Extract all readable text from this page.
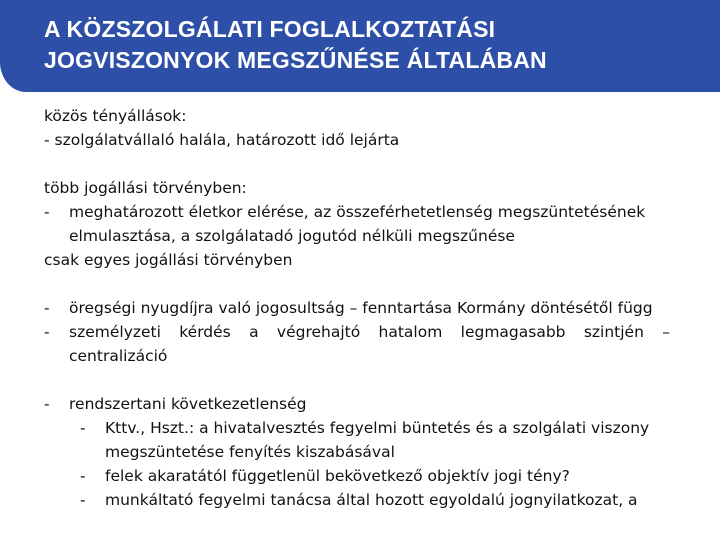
A KÖZSZOLGÁLATI FOGLALKOZTATÁSI
JOGVISZONYOK MEGSZŰNÉSE ÁLTALÁBAN
közös tényállások:
- szolgálatvállaló halála, határozott idő lejárta
több jogállási törvényben:
-	meghatározott életkor elérése, az összeférhetetlenség megszüntetésének elmulasztása, a szolgálatadó jogutód nélküli megszűnése
csak egyes jogállási törvényben
-	öregségi nyugdíjra való jogosultság – fenntartása Kormány döntésétől függ
-	személyzeti kérdés a végrehajtó hatalom legmagasabb szintjén – centralizáció
-	rendszertani következetlenség
-	Kttv., Hszt.: a hivatalvesztés fegyelmi büntetés és a szolgálati viszony megszüntetése fenyítés kiszabásával
-	felek akaratától függetlenül bekövetkező objektív jogi tény?
-	munkáltató fegyelmi tanácsa által hozott egyoldalú jognyilatkozat, a
